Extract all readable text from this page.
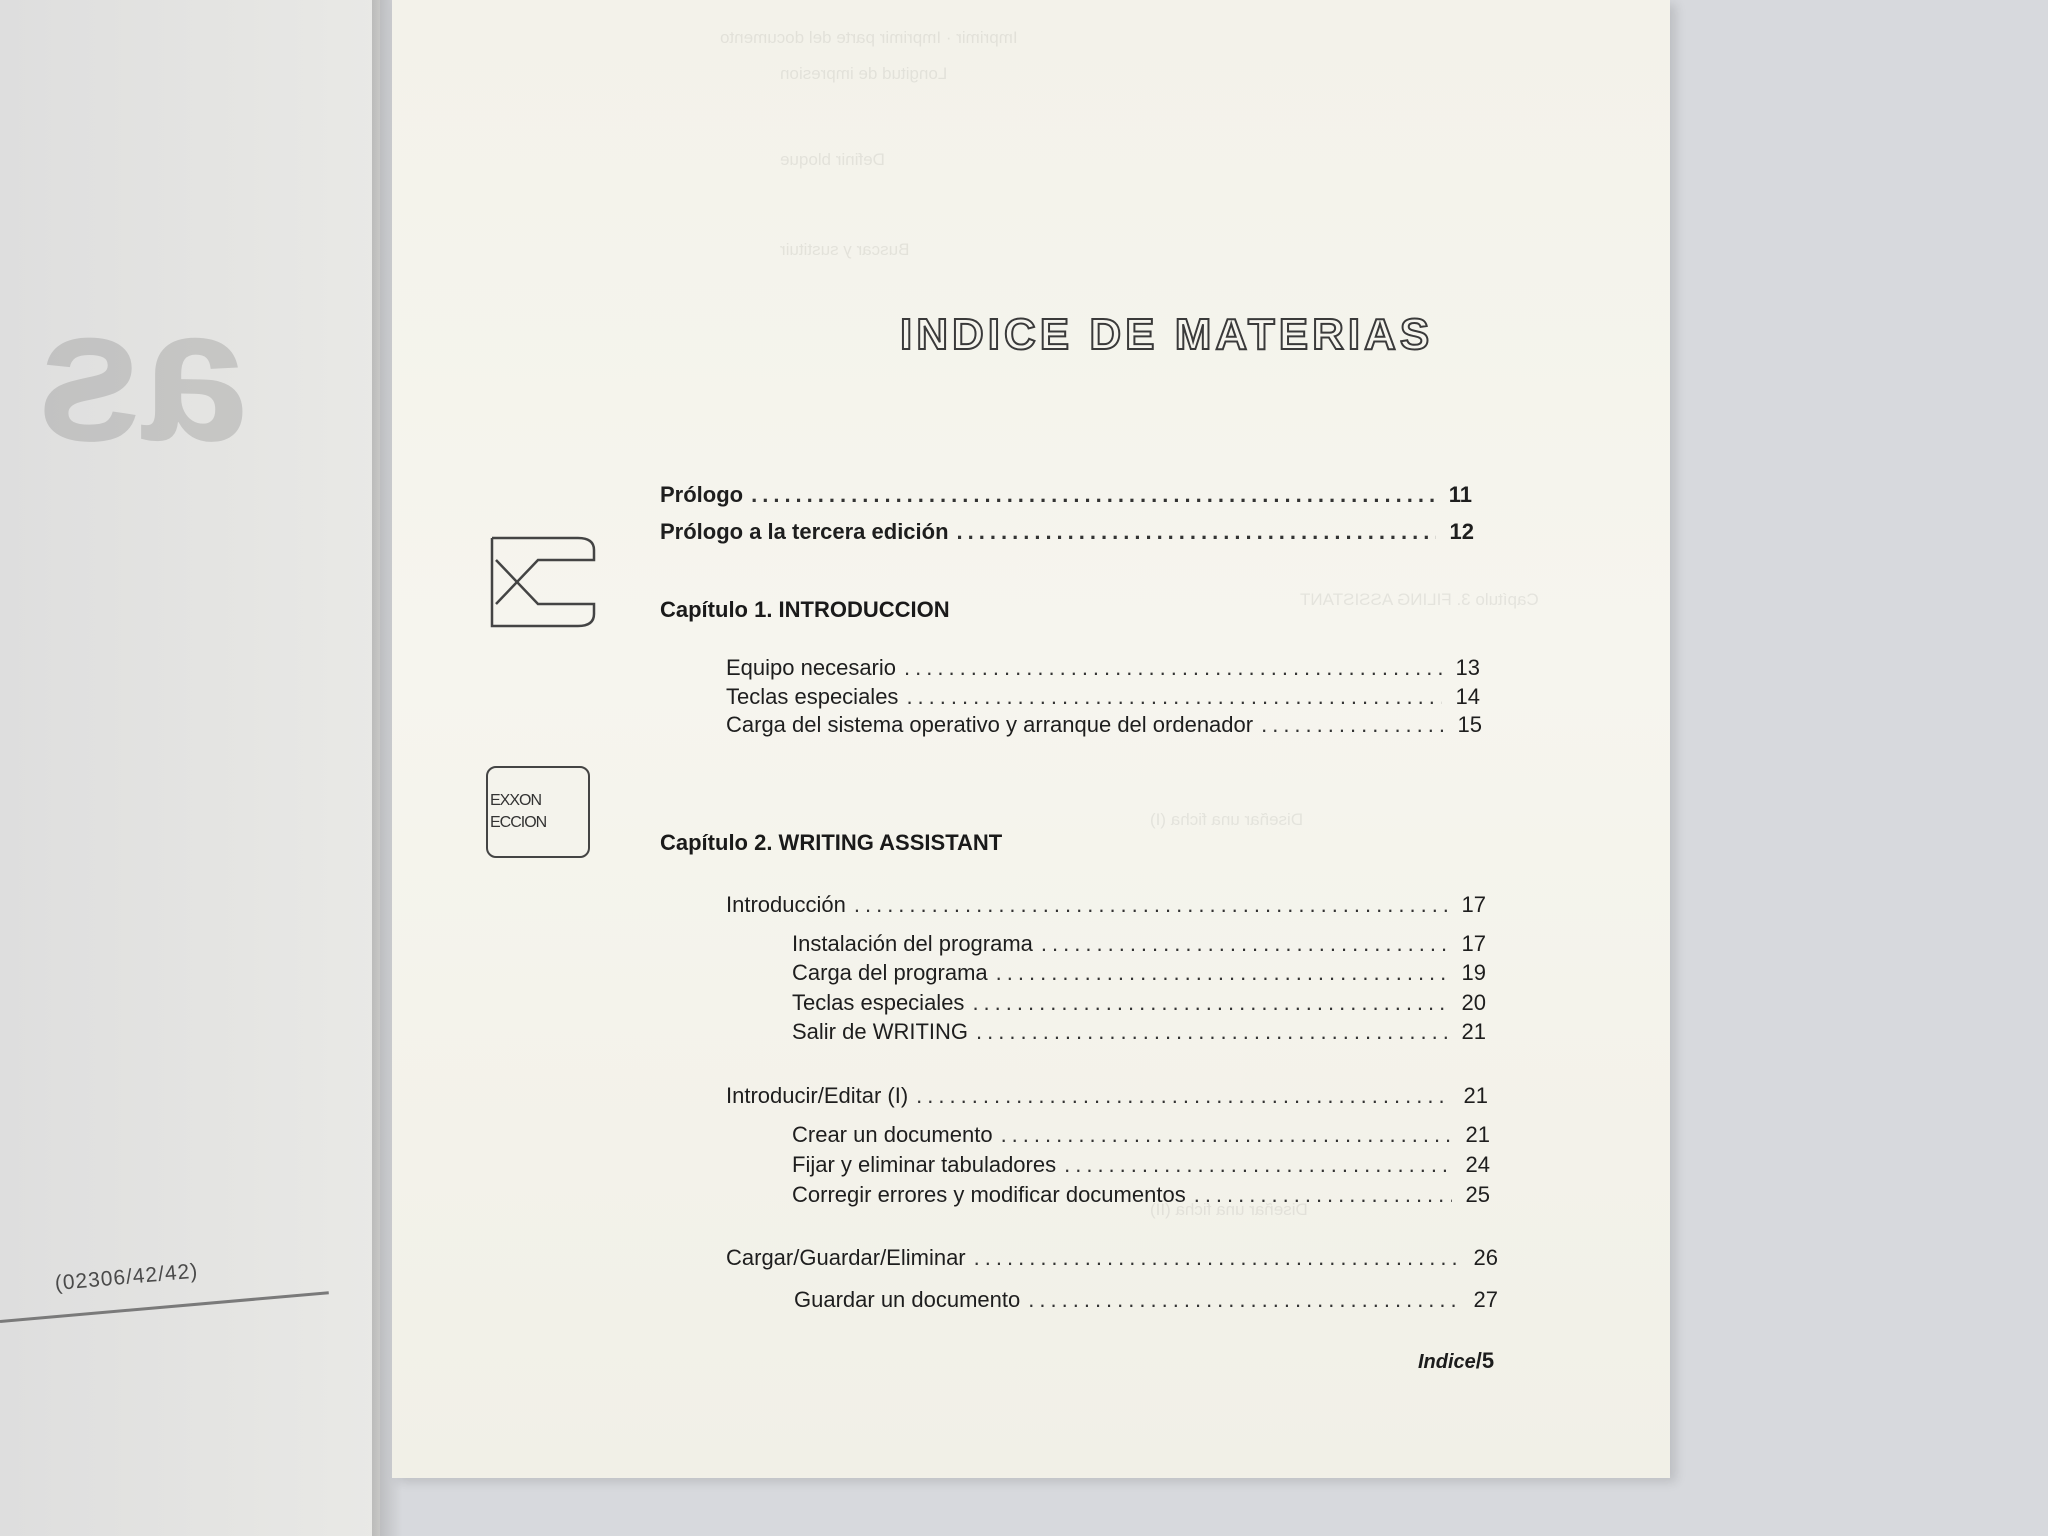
as
(02306/42/42)
Imprimir · Imprimir parte del documento
Longitud de impresion
Definir bloque
Buscar y sustituir
Capítulo 3. FILING ASSISTANT
Diseñar una ficha (I)
Diseñar una ficha (II)
INDICE DE MATERIAS
EXXON
ECCION
Prólogo .....	11
Prólogo a la tercera edición .....	12
Capítulo 1. INTRODUCCION
Equipo necesario .....	13
Teclas especiales .....	14
Carga del sistema operativo y arranque del ordenador .....	15
Capítulo 2. WRITING ASSISTANT
Introducción .....	17
Instalación del programa .....	17
Carga del programa .....	19
Teclas especiales .....	20
Salir de WRITING .....	21
Introducir/Editar (I) .....	21
Crear un documento .....	21
Fijar y eliminar tabuladores .....	24
Corregir errores y modificar documentos .....	25
Cargar/Guardar/Eliminar .....	26
Guardar un documento .....	27
Indice/5
